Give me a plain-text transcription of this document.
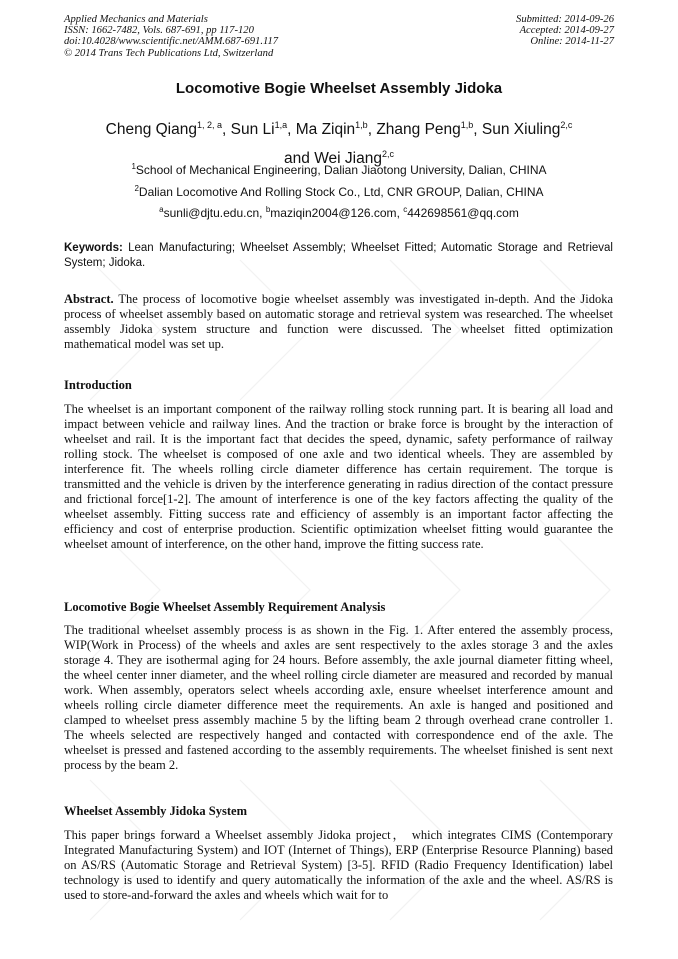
Applied Mechanics and Materials
ISSN: 1662-7482, Vols. 687-691, pp 117-120
doi:10.4028/www.scientific.net/AMM.687-691.117
© 2014 Trans Tech Publications Ltd, Switzerland
Submitted: 2014-09-26
Accepted: 2014-09-27
Online: 2014-11-27
Locomotive Bogie Wheelset Assembly Jidoka
Cheng Qiang$^{1, 2, a}$, Sun Li$^{1,a}$, Ma Ziqin$^{1,b}$, Zhang Peng$^{1,b}$, Sun Xiuling$^{2,c}$
and Wei Jiang$^{2,c}$
$^1$School of Mechanical Engineering, Dalian Jiaotong University, Dalian, CHINA
$^2$Dalian Locomotive And Rolling Stock Co., Ltd, CNR GROUP, Dalian, CHINA
$^a$sunli@djtu.edu.cn, $^b$maziqin2004@126.com, $^c$442698561@qq.com
Keywords: Lean Manufacturing; Wheelset Assembly; Wheelset Fitted; Automatic Storage and Retrieval System; Jidoka.
Abstract. The process of locomotive bogie wheelset assembly was investigated in-depth. And the Jidoka process of wheelset assembly based on automatic storage and retrieval system was researched. The wheelset assembly Jidoka system structure and function were discussed. The wheelset fitted optimization mathematical model was set up.
Introduction
The wheelset is an important component of the railway rolling stock running part. It is bearing all load and impact between vehicle and railway lines. And the traction or brake force is brought by the interaction of wheelset and rail. It is the important fact that decides the speed, dynamic, safety performance of railway rolling stock. The wheelset is composed of one axle and two identical wheels. They are assembled by interference fit. The wheels rolling circle diameter difference has certain requirement. The torque is transmitted and the vehicle is driven by the interference generating in radius direction of the contact pressure and frictional force[1-2]. The amount of interference is one of the key factors affecting the quality of the wheelset assembly. Fitting success rate and efficiency of assembly is an important factor affecting the efficiency and cost of enterprise production. Scientific optimization wheelset fitting would guarantee the wheelset amount of interference, on the other hand, improve the fitting success rate.
Locomotive Bogie Wheelset Assembly Requirement Analysis
The traditional wheelset assembly process is as shown in the Fig. 1. After entered the assembly process, WIP(Work in Process) of the wheels and axles are sent respectively to the axles storage 3 and the axles storage 4. They are isothermal aging for 24 hours. Before assembly, the axle journal diameter fitting wheel, the wheel center inner diameter, and the wheel rolling circle diameter are measured and recorded by manual work. When assembly, operators select wheels according axle, ensure wheelset interference amount and wheels rolling circle diameter difference meet the requirements. An axle is hanged and positioned and clamped to wheelset press assembly machine 5 by the lifting beam 2 through overhead crane controller 1. The wheels selected are respectively hanged and contacted with correspondence end of the axle. The wheelset is pressed and fastened according to the assembly requirements. The wheelset finished is sent next process by the beam 2.
Wheelset Assembly Jidoka System
This paper brings forward a Wheelset assembly Jidoka project， which integrates CIMS (Contemporary Integrated Manufacturing System) and IOT (Internet of Things), ERP (Enterprise Resource Planning) based on AS/RS (Automatic Storage and Retrieval System) [3-5]. RFID (Radio Frequency Identification) label technology is used to identify and query automatically the information of the axle and the wheel. AS/RS is used to store-and-forward the axles and wheels which wait for to
